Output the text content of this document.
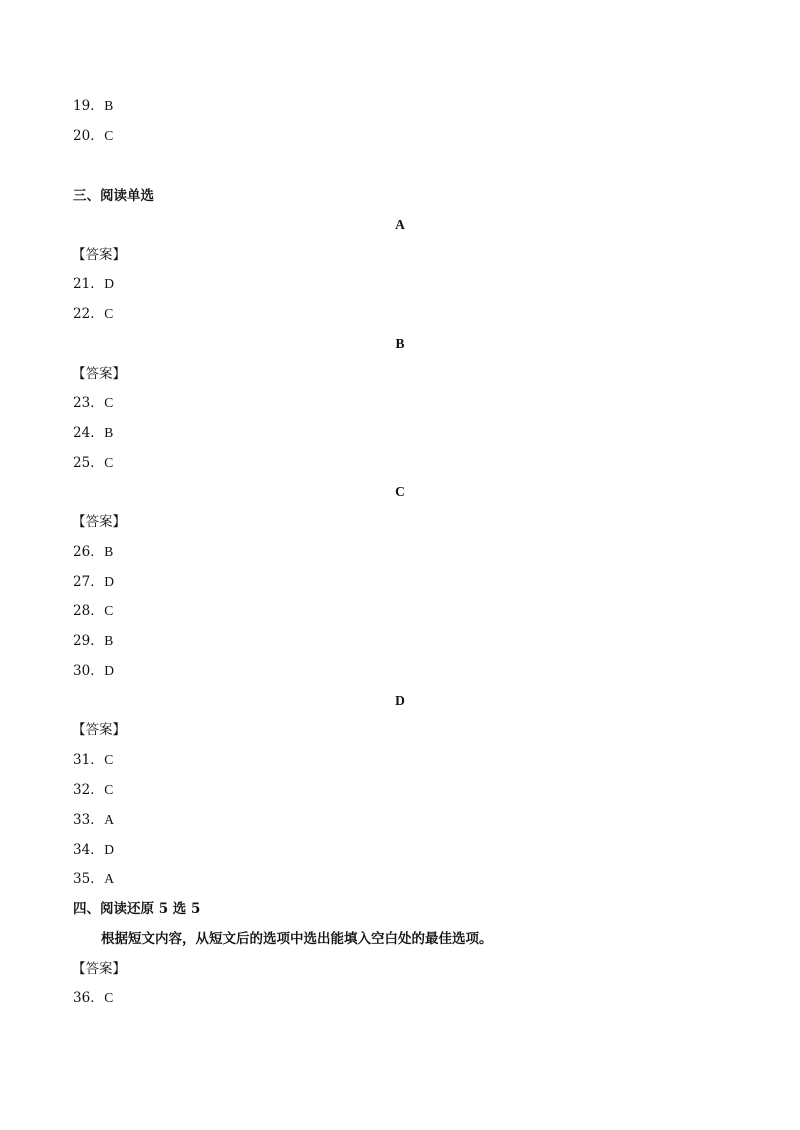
19．B
20．C
三、阅读单选
A
【答案】
21．D
22．C
B
【答案】
23．C
24．B
25．C
C
【答案】
26．B
27．D
28．C
29．B
30．D
D
【答案】
31．C
32．C
33．A
34．D
35．A
四、阅读还原 5 选 5
根据短文内容，从短文后的选项中选出能填入空白处的最佳选项。
【答案】
36．C
